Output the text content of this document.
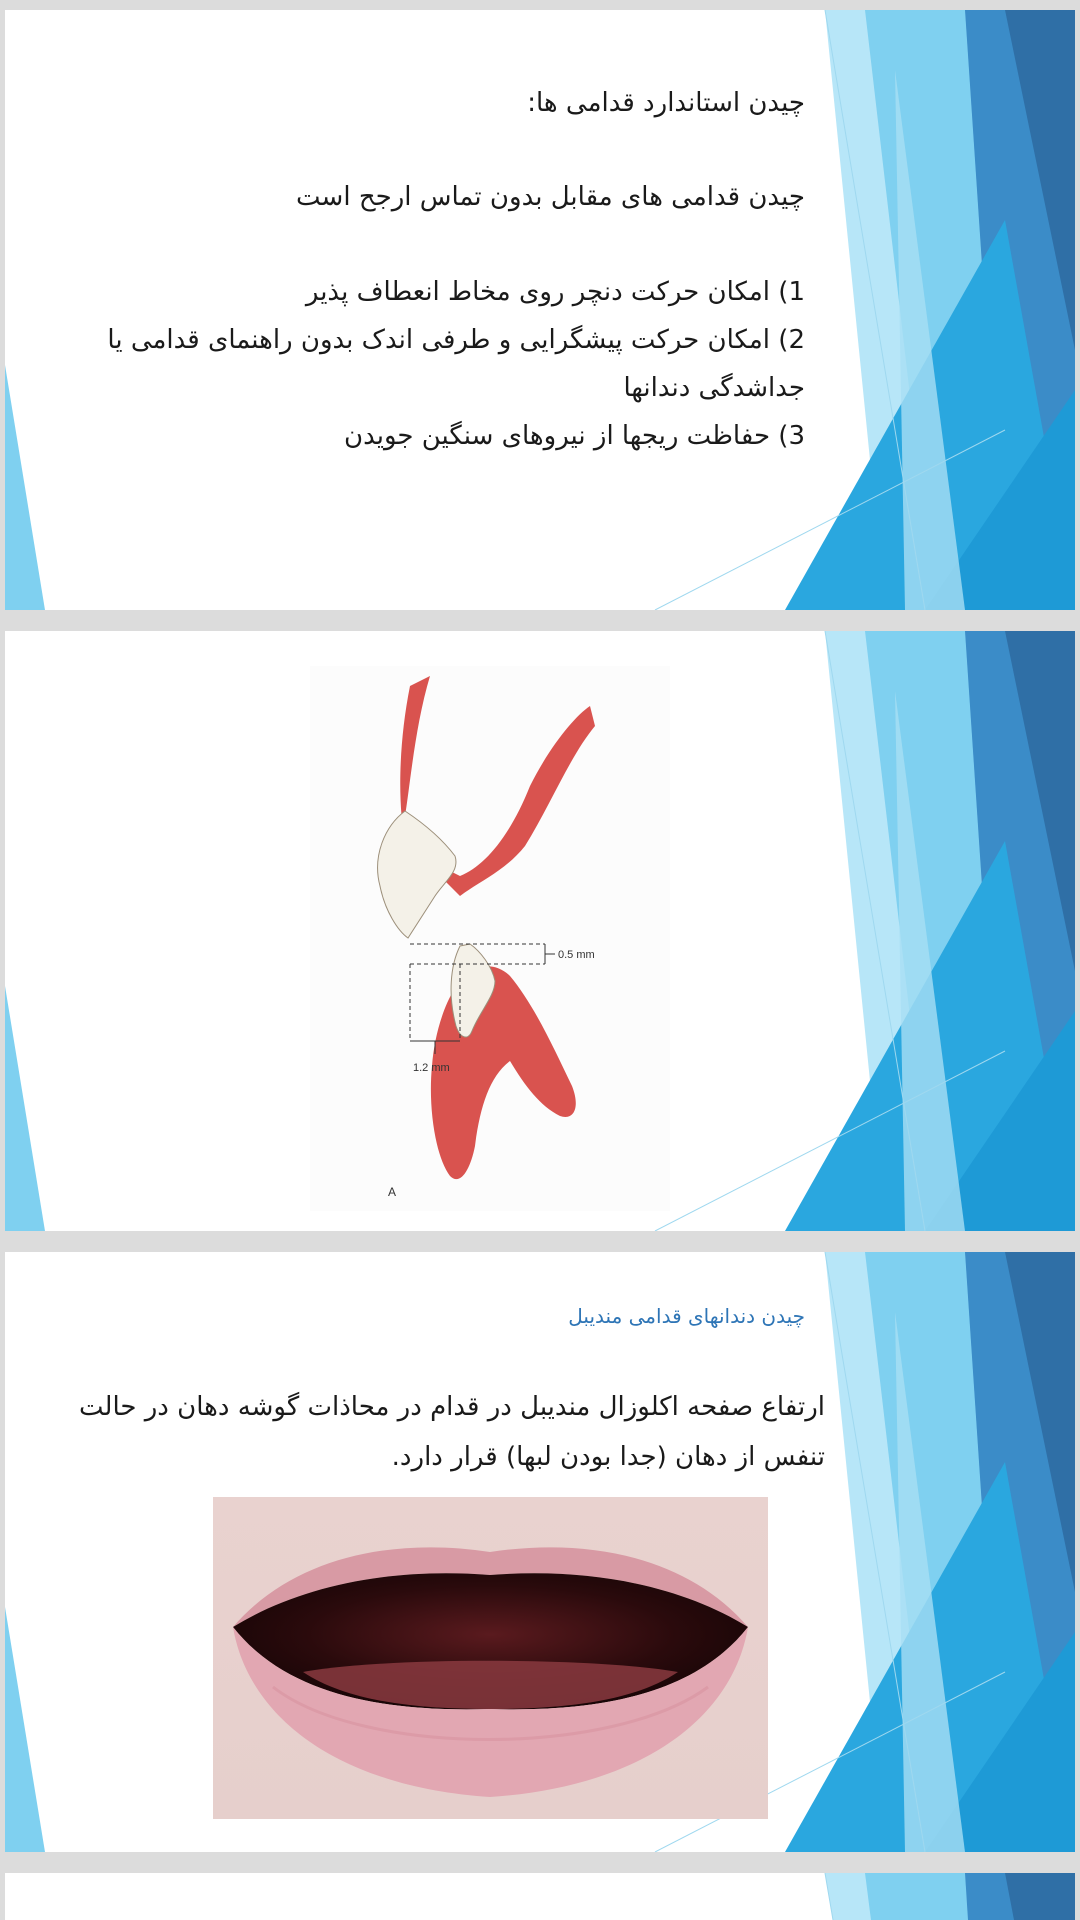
چیدن استاندارد قدامی ها:
چیدن قدامی های مقابل بدون تماس ارجح است
1) امکان حرکت دنچر روی مخاط انعطاف پذیر
2) امکان حرکت پیشگرایی و طرفی اندک بدون راهنمای قدامی یا جداشدگی دندانها
3) حفاظت ریجها از نیروهای سنگین جویدن
0.5 mm
1.2 mm
A
چیدن دندانهای قدامی مندیبل
ارتفاع صفحه اکلوزال مندیبل در قدام در محاذات گوشه دهان در حالت تنفس از دهان (جدا بودن لبها) قرار دارد.
